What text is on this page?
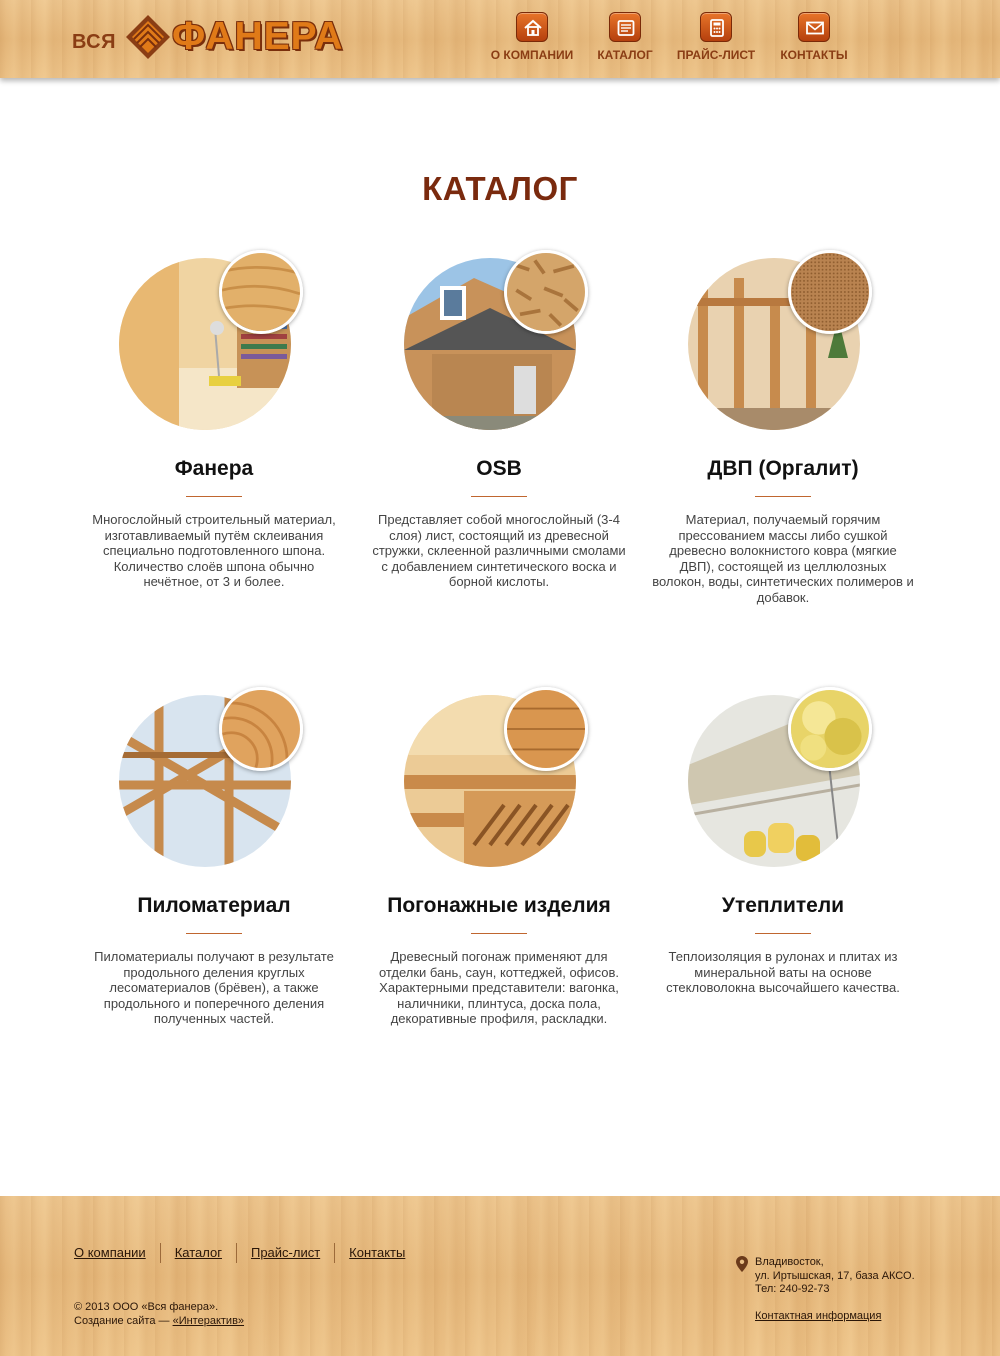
ВСЯ ФАНЕРА	О КОМПАНИИ КАТАЛОГ ПРАЙС-ЛИСТ КОНТАКТЫ
КАТАЛОГ
Фанера

Многослойный строительный материал, изготавливаемый путём склеивания специально подготовленного шпона. Количество слоёв шпона обычно нечётное, от 3 и более.

OSB

Представляет собой многослойный (3-4 слоя) лист, состоящий из древесной стружки, склеенной различными смолами с добавлением синтетического воска и борной кислоты.

ДВП (Оргалит)

Материал, получаемый горячим прессованием массы либо сушкой древесно волокнистого ковра (мягкие ДВП), состоящей из целлюлозных волокон, воды, синтетических полимеров и добавок.

Пиломатериал

Пиломатериалы получают в результате продольного деления круглых лесоматериалов (брёвен), а также продольного и поперечного деления полученных частей.

Погонажные изделия

Древесный погонаж применяют для отделки бань, саун, коттеджей, офисов. Характерными представители: вагонка, наличники, плинтуса, доска пола, декоративные профиля, раскладки.

Утеплители

Теплоизоляция в рулонах и плитах из минеральной ваты на основе стекловолокна высочайшего качества.

О компании	Каталог	Прайс-лист	Контакты
© 2013 ООО «Вся фанера».
Создание сайта — «Интерактив»
Владивосток,
ул. Иртышская, 17, база АКСО.
Тел: 240-92-73
Контактная информация
